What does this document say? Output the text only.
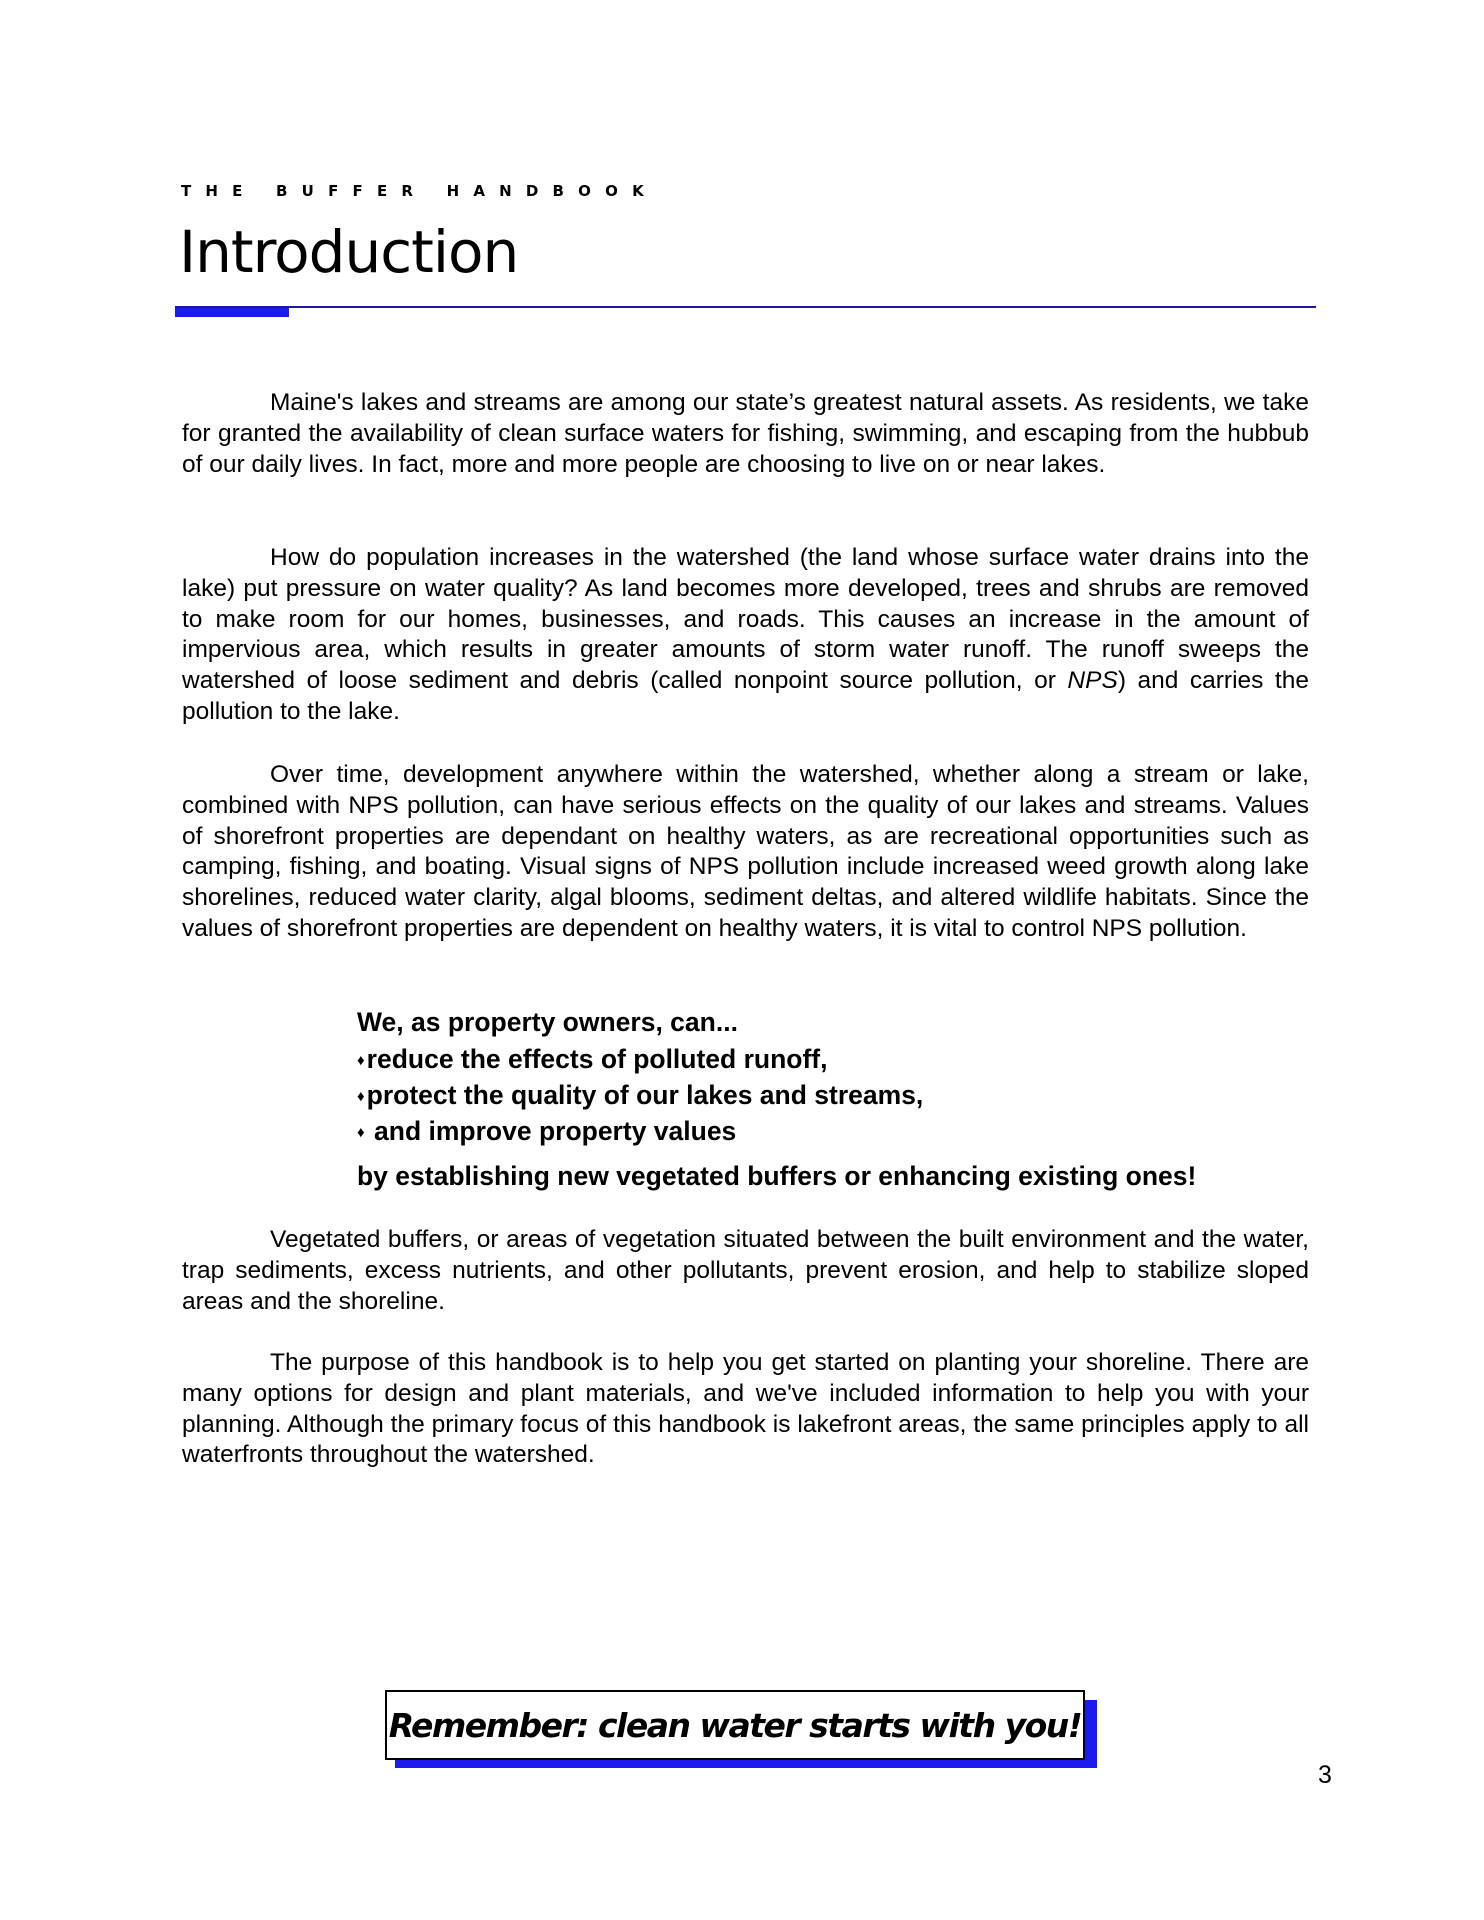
THE BUFFER HANDBOOK
Introduction

Maine's lakes and streams are among our state’s greatest natural assets. As residents, we take for granted the availability of clean surface waters for fishing, swimming, and escaping from the hubbub of our daily lives. In fact, more and more people are choosing to live on or near lakes.

How do population increases in the watershed (the land whose surface water drains into the lake) put pressure on water quality? As land becomes more developed, trees and shrubs are removed to make room for our homes, businesses, and roads. This causes an increase in the amount of impervious area, which results in greater amounts of storm water runoff. The runoff sweeps the watershed of loose sediment and debris (called nonpoint source pollution, or NPS) and carries the pollution to the lake.

Over time, development anywhere within the watershed, whether along a stream or lake, combined with NPS pollution, can have serious effects on the quality of our lakes and streams. Values of shorefront properties are dependant on healthy waters, as are recreational opportunities such as camping, fishing, and boating. Visual signs of NPS pollution include increased weed growth along lake shorelines, reduced water clarity, algal blooms, sediment deltas, and altered wildlife habitats. Since the values of shorefront properties are dependent on healthy waters, it is vital to control NPS pollution.

We, as property owners, can...

♦reduce the effects of polluted runoff,
♦protect the quality of our lakes and streams,
♦ and improve property values

by establishing new vegetated buffers or enhancing existing ones!

Vegetated buffers, or areas of vegetation situated between the built environment and the water, trap sediments, excess nutrients, and other pollutants, prevent erosion, and help to stabilize sloped areas and the shoreline.

The purpose of this handbook is to help you get started on planting your shoreline. There are many options for design and plant materials, and we've included information to help you with your planning. Although the primary focus of this handbook is lakefront areas, the same principles apply to all waterfronts throughout the watershed.

Remember: clean water starts with you!
3
